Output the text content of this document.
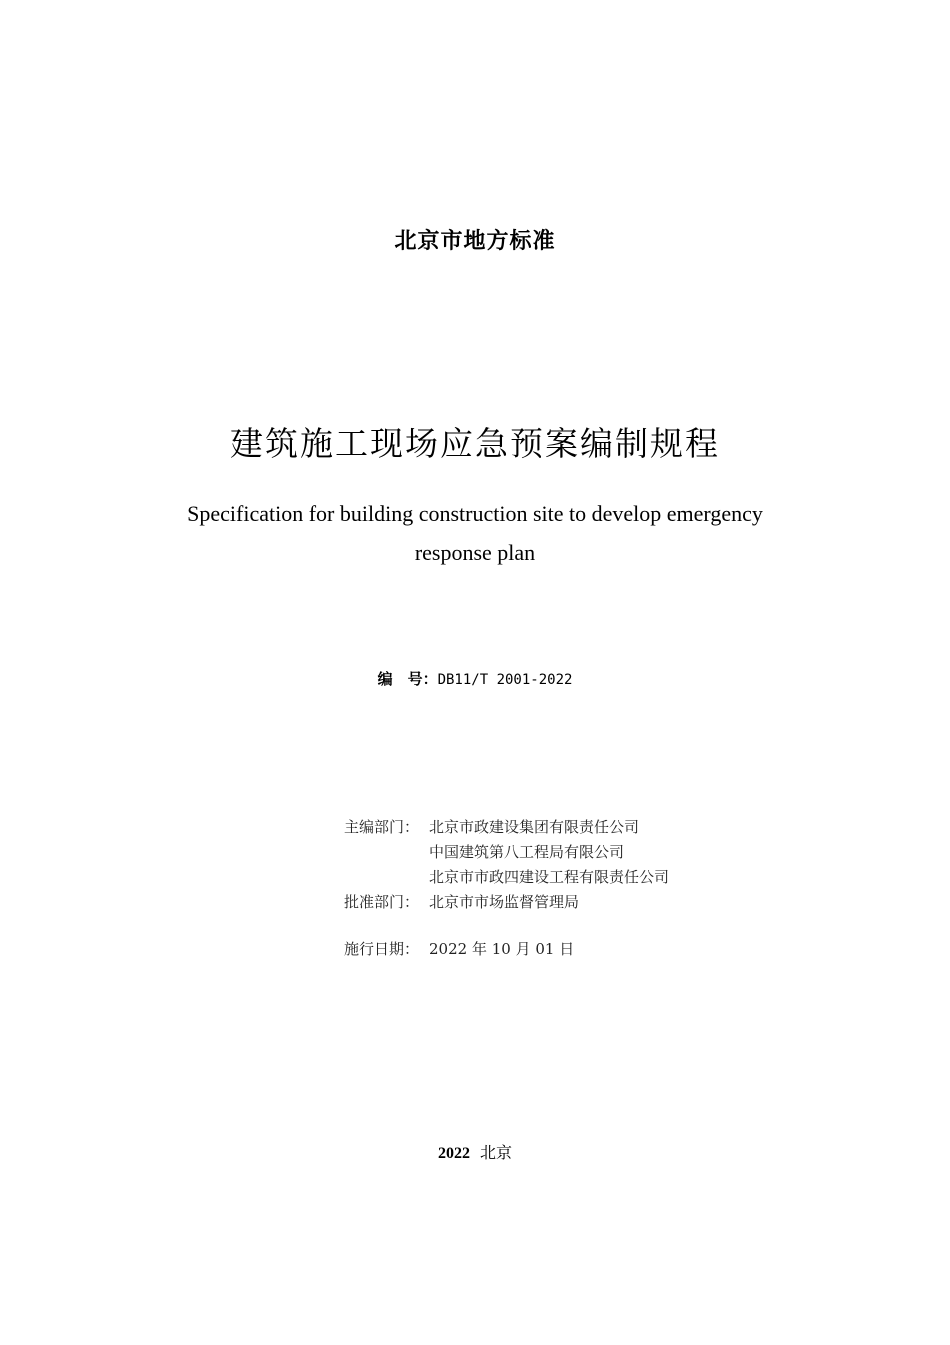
北京市地方标准
建筑施工现场应急预案编制规程
Specification for building construction site to develop emergency
response plan
编　号：DB11/T 2001-2022
主编部门： 北京市政建设集团有限责任公司
中国建筑第八工程局有限公司
北京市市政四建设工程有限责任公司
批准部门： 北京市市场监督管理局
施行日期： 2022 年 10 月 01 日
2022 北京
